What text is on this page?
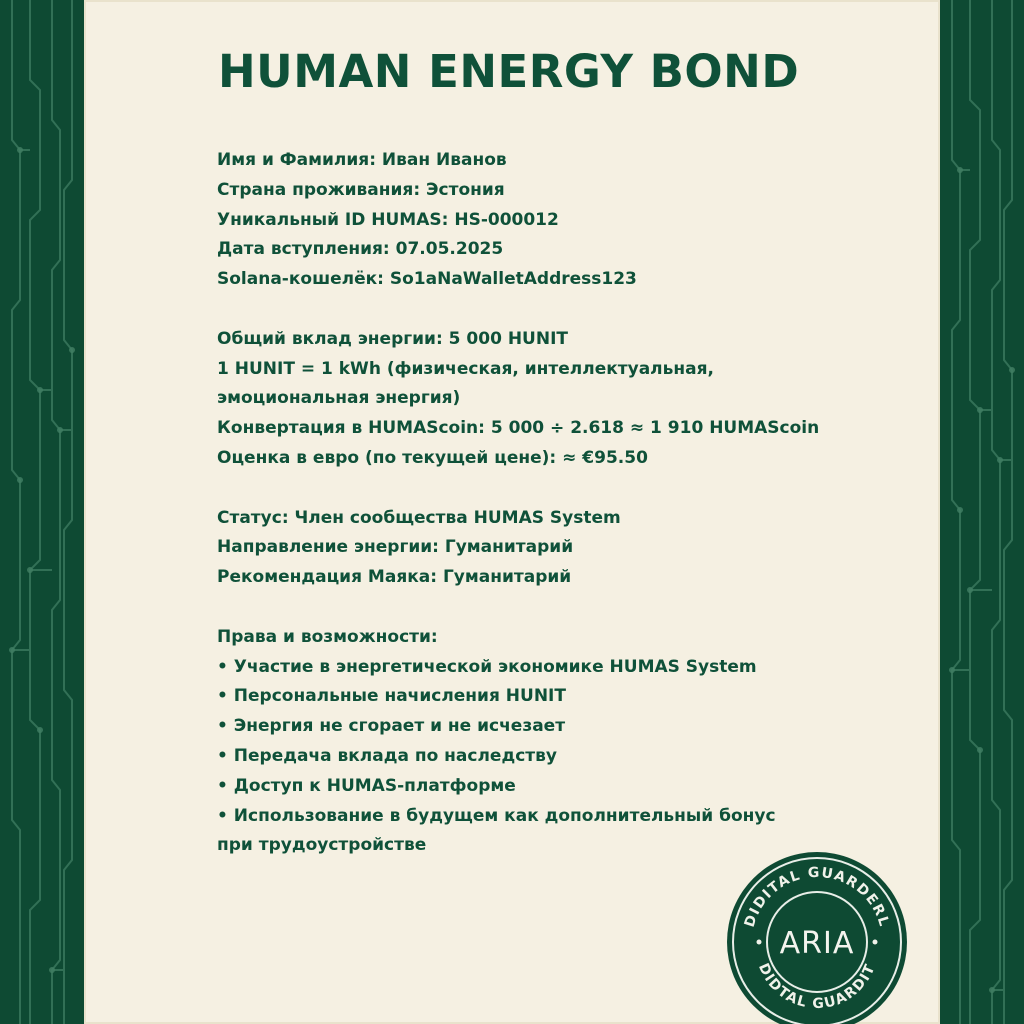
HUMAN ENERGY BOND
Имя и Фамилия: Иван Иванов
Страна проживания: Эстония
Уникальный ID HUMAS: HS-000012
Дата вступления: 07.05.2025
Solana-кошелёк: So1aNaWalletAddress123
Общий вклад энергии: 5 000 HUNIT
1 HUNIT = 1 kWh (физическая, интеллектуальная,
эмоциональная энергия)
Конвертация в HUMAScoin: 5 000 ÷ 2.618 ≈ 1 910 HUMAScoin
Оценка в евро (по текущей цене): ≈ €95.50
Статус: Член сообщества HUMAS System
Направление энергии: Гуманитарий
Рекомендация Маяка: Гуманитарий
Права и возможности:
• Участие в энергетической экономике HUMAS System
• Персональные начисления HUNIT
• Энергия не сгорает и не исчезает
• Передача вклада по наследству
• Доступ к HUMAS-платформе
• Использование в будущем как дополнительный бонус
при трудоустройстве
DIDITAL GUARDERL
DIDTAL GUARDIT
ARIA
